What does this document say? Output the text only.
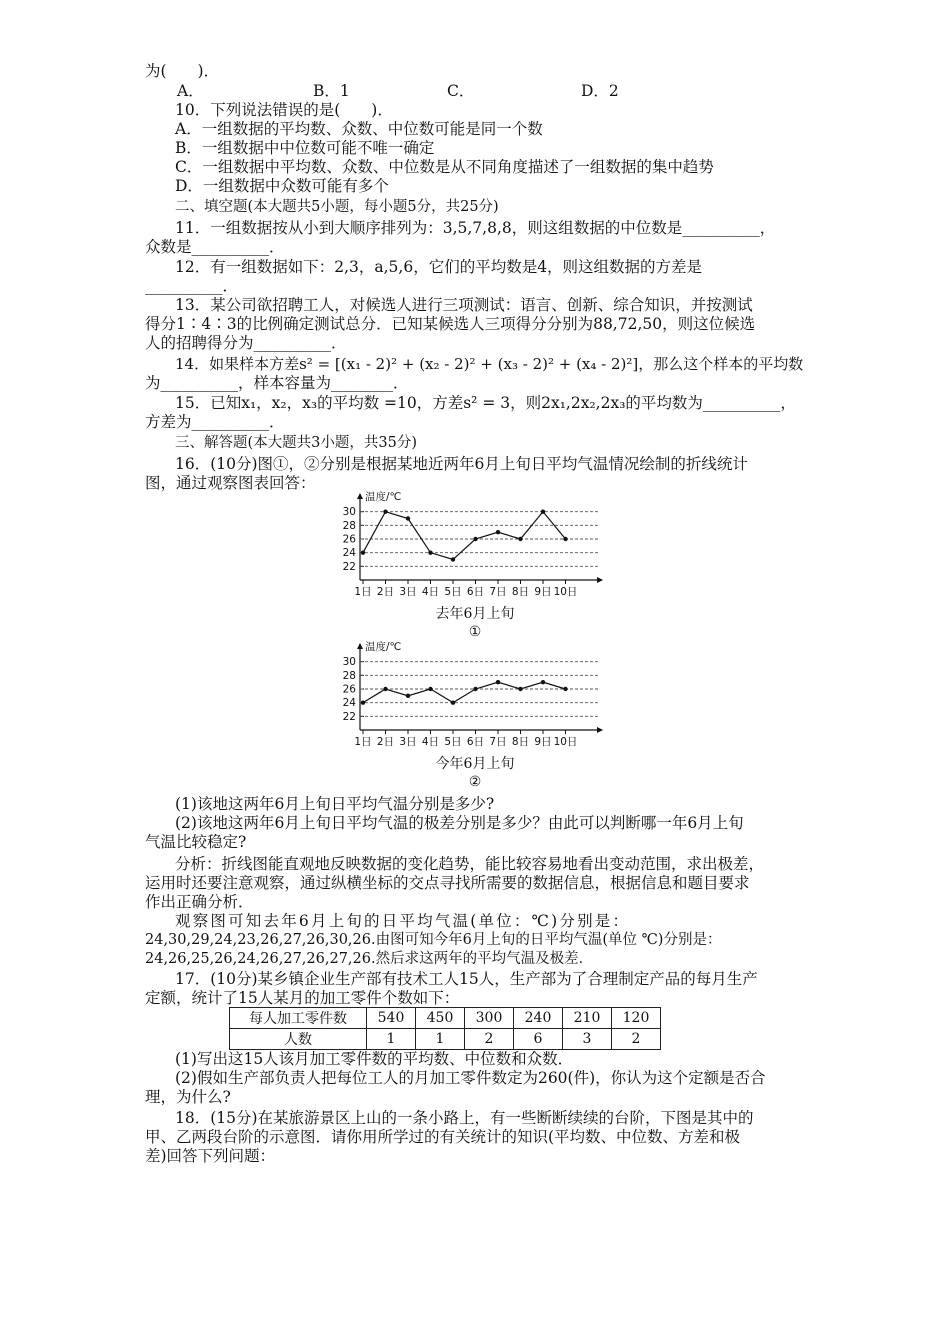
为(　　)．
A．	B．1	C．	D．2
10．下列说法错误的是(　　)．
A．一组数据的平均数、众数、中位数可能是同一个数
B．一组数据中中位数可能不唯一确定
C．一组数据中平均数、众数、中位数是从不同角度描述了一组数据的集中趋势
D．一组数据中众数可能有多个
二、填空题(本大题共5小题，每小题5分，共25分)
11．一组数据按从小到大顺序排列为：3,5,7,8,8，则这组数据的中位数是__________，
众数是__________．
12．有一组数据如下：2,3，a,5,6，它们的平均数是4，则这组数据的方差是
__________．
13．某公司欲招聘工人，对候选人进行三项测试：语言、创新、综合知识，并按测试
得分1∶4∶3的比例确定测试总分．已知某候选人三项得分分别为88,72,50，则这位候选
人的招聘得分为__________．
14．如果样本方差s² = [(x₁ - 2)² + (x₂ - 2)² + (x₃ - 2)² + (x₄ - 2)²]，那么这个样本的平均数
为__________，样本容量为________．
15．已知x₁，x₂，x₃的平均数 =10，方差s² = 3，则2x₁,2x₂,2x₃的平均数为__________，
方差为__________．
三、解答题(本大题共3小题，共35分)
16．(10分)图①，②分别是根据某地近两年6月上旬日平均气温情况绘制的折线统计
图，通过观察图表回答：
温度/℃
22
24
26
28
30
1日 2日 3日 4日 5日 6日 7日 8日 9日 10日
去年6月上旬
①
温度/℃
22
24
26
28
30
1日 2日 3日 4日 5日 6日 7日 8日 9日 10日
今年6月上旬
②
(1)该地这两年6月上旬日平均气温分别是多少?
(2)该地这两年6月上旬日平均气温的极差分别是多少？由此可以判断哪一年6月上旬
气温比较稳定?
分析：折线图能直观地反映数据的变化趋势，能比较容易地看出变动范围，求出极差，
运用时还要注意观察，通过纵横坐标的交点寻找所需要的数据信息，根据信息和题目要求
作出正确分析．
观察图可知去年6月上旬的日平均气温(单位：℃)分别是：
24,30,29,24,23,26,27,26,30,26.由图可知今年6月上旬的日平均气温(单位 ℃)分别是：
24,26,25,26,24,26,27,26,27,26.然后求这两年的平均气温及极差．
17．(10分)某乡镇企业生产部有技术工人15人，生产部为了合理制定产品的每月生产
定额，统计了15人某月的加工零件个数如下：
每人加工零件数	540	450	300	240	210	120
人数	1	1	2	6	3	2
(1)写出这15人该月加工零件数的平均数、中位数和众数．
(2)假如生产部负责人把每位工人的月加工零件数定为260(件)，你认为这个定额是否合
理，为什么?
18．(15分)在某旅游景区上山的一条小路上，有一些断断续续的台阶，下图是其中的
甲、乙两段台阶的示意图．请你用所学过的有关统计的知识(平均数、中位数、方差和极
差)回答下列问题：
